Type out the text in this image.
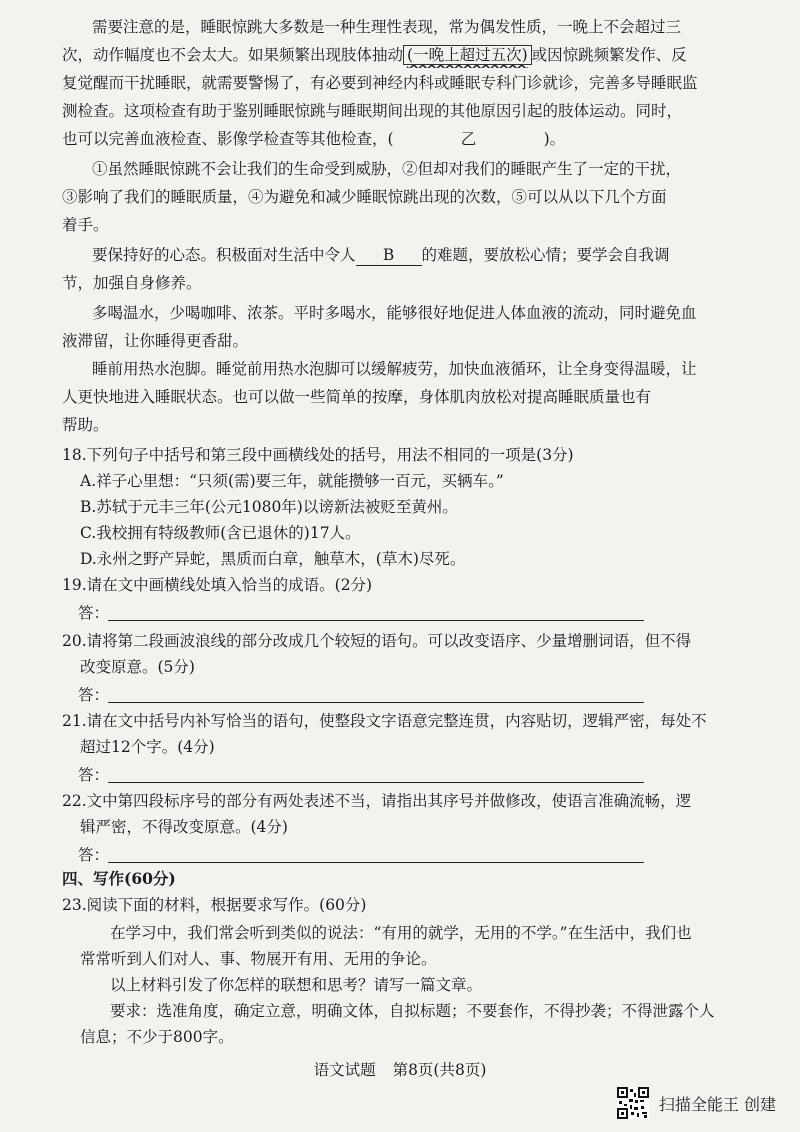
需要注意的是，睡眠惊跳大多数是一种生理性表现，常为偶发性质，一晚上不会超过三
次，动作幅度也不会太大。如果频繁出现肢体抽动 (一晚上超过五次) 或因惊跳频繁发作、反
复觉醒而干扰睡眠，就需要警惕了，有必要到神经内科或睡眠专科门诊就诊，完善多导睡眠监
测检查。这项检查有助于鉴别睡眠惊跳与睡眠期间出现的其他原因引起的肢体运动。同时，
也可以完善血液检查、影像学检查等其他检查，(	乙	)。
①虽然睡眠惊跳不会让我们的生命受到威胁，②但却对我们的睡眠产生了一定的干扰，
③影响了我们的睡眠质量，④为避免和减少睡眠惊跳出现的次数，⑤可以从以下几个方面
着手。
要保持好的心态。积极面对生活中令人 B 的难题，要放松心情；要学会自我调
节，加强自身修养。
多喝温水，少喝咖啡、浓茶。平时多喝水，能够很好地促进人体血液的流动，同时避免血
液滞留，让你睡得更香甜。
睡前用热水泡脚。睡觉前用热水泡脚可以缓解疲劳，加快血液循环，让全身变得温暖，让
人更快地进入睡眠状态。也可以做一些简单的按摩，身体肌肉放松对提高睡眠质量也有
帮助。
18.下列句子中括号和第三段中画横线处的括号，用法不相同的一项是(3分)
A.祥子心里想：“只须(需)要三年，就能攒够一百元，买辆车。”
B.苏轼于元丰三年(公元1080年)以谤新法被贬至黄州。
C.我校拥有特级教师(含已退休的)17人。
D.永州之野产异蛇，黑质而白章，触草木，(草木)尽死。
19.请在文中画横线处填入恰当的成语。(2分)
答：
20.请将第二段画波浪线的部分改成几个较短的语句。可以改变语序、少量增删词语，但不得
改变原意。(5分)
答：
21.请在文中括号内补写恰当的语句，使整段文字语意完整连贯，内容贴切，逻辑严密，每处不
超过12个字。(4分)
答：
22.文中第四段标序号的部分有两处表述不当，请指出其序号并做修改，使语言准确流畅，逻
辑严密，不得改变原意。(4分)
答：
四、写作(60分)
23.阅读下面的材料，根据要求写作。(60分)
在学习中，我们常会听到类似的说法：“有用的就学，无用的不学。”在生活中，我们也
常常听到人们对人、事、物展开有用、无用的争论。
以上材料引发了你怎样的联想和思考？请写一篇文章。
要求：选准角度，确定立意，明确文体，自拟标题；不要套作，不得抄袭；不得泄露个人
信息；不少于800字。
语文试题 第8页(共8页)
扫描全能王 创建
